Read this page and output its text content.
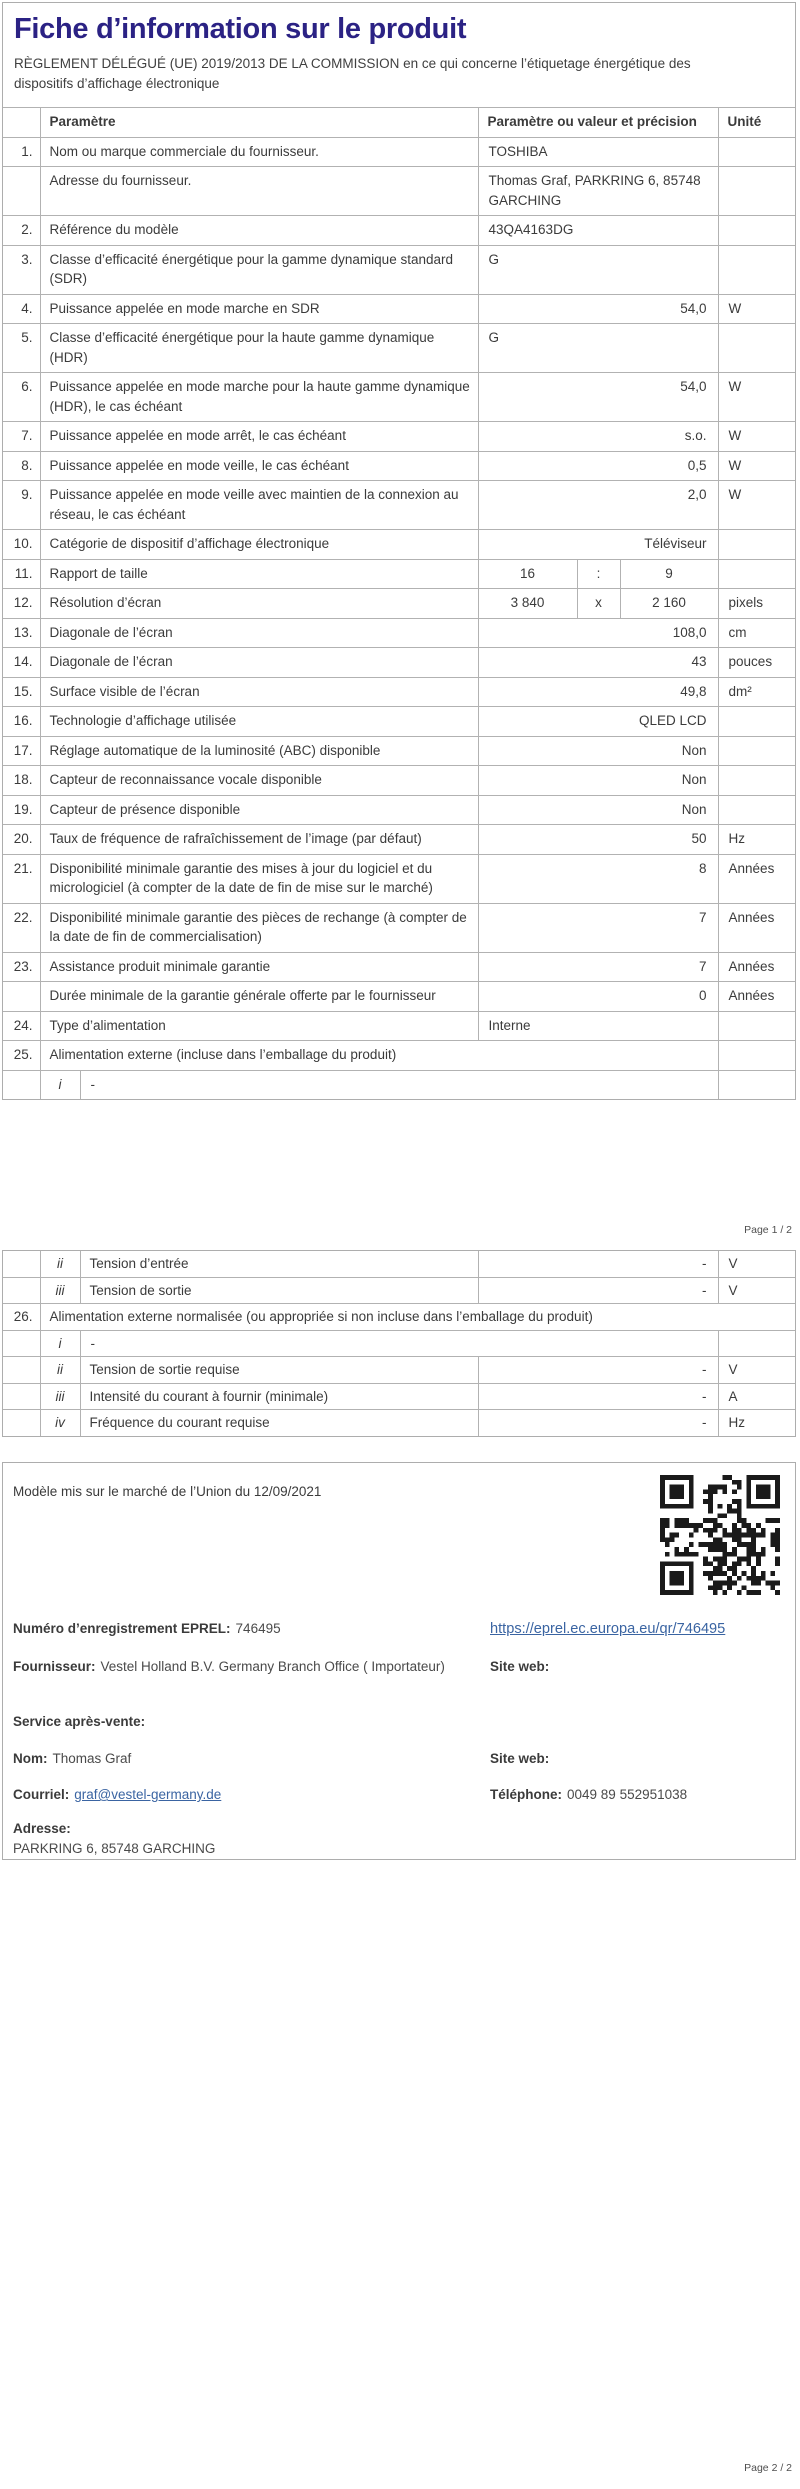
Fiche d’information sur le produit
RÈGLEMENT DÉLÉGUÉ (UE) 2019/2013 DE LA COMMISSION en ce qui concerne l’étiquetage énergétique des dispositifs d’affichage électronique
	Paramètre		Paramètre ou valeur et précision			Unité
1.	Nom ou marque commerciale du fournisseur.		TOSHIBA			
	Adresse du fournisseur.		Thomas Graf, PARKRING 6, 85748 GARCHING			
2.	Référence du modèle		43QA4163DG			
3.	Classe d’efficacité énergétique pour la gamme dynamique standard (SDR)		G			
4.	Puissance appelée en mode marche en SDR		54,0			W
5.	Classe d’efficacité énergétique pour la haute gamme dynamique (HDR)		G			
6.	Puissance appelée en mode marche pour la haute gamme dynamique (HDR), le cas échéant		54,0			W
7.	Puissance appelée en mode arrêt, le cas échéant		s.o.			W
8.	Puissance appelée en mode veille, le cas échéant		0,5			W
9.	Puissance appelée en mode veille avec maintien de la connexion au réseau, le cas échéant		2,0			W
10.	Catégorie de dispositif d’affichage électronique		Téléviseur			
11.	Rapport de taille		16	:	9	
12.	Résolution d’écran		3 840	x	2 160	pixels
13.	Diagonale de l’écran		108,0			cm
14.	Diagonale de l’écran		43			pouces
15.	Surface visible de l’écran		49,8			dm²
16.	Technologie d’affichage utilisée		QLED LCD			
17.	Réglage automatique de la luminosité (ABC) disponible		Non			
18.	Capteur de reconnaissance vocale disponible		Non			
19.	Capteur de présence disponible		Non			
20.	Taux de fréquence de rafraîchissement de l’image (par défaut)		50			Hz
21.	Disponibilité minimale garantie des mises à jour du logiciel et du micrologiciel (à compter de la date de fin de mise sur le marché)		8			Années
22.	Disponibilité minimale garantie des pièces de rechange (à compter de la date de fin de commercialisation)		7			Années
23.	Assistance produit minimale garantie		7			Années
	Durée minimale de la garantie générale offerte par le fournisseur		0			Années
24.	Type d’alimentation		Interne			
25.	Alimentation externe (incluse dans l’emballage du produit)					
	i	-				
Page 1 / 2
	ii	Tension d’entrée	-	V
	iii	Tension de sortie	-	V
26.	Alimentation externe normalisée (ou appropriée si non incluse dans l’emballage du produit)			
	i	-		
	ii	Tension de sortie requise	-	V
	iii	Intensité du courant à fournir (minimale)	-	A
	iv	Fréquence du courant requise	-	Hz
Modèle mis sur le marché de l’Union du 12/09/2021
Numéro d’enregistrement EPREL: 746495	https://eprel.ec.europa.eu/qr/746495
Fournisseur: Vestel Holland B.V. Germany Branch Office ( Importateur)	Site web:
Service après-vente:
Nom: Thomas Graf	Site web:
Courriel: graf@vestel-germany.de	Téléphone: 0049 89 552951038
Adresse:
PARKRING 6, 85748 GARCHING
Page 2 / 2
